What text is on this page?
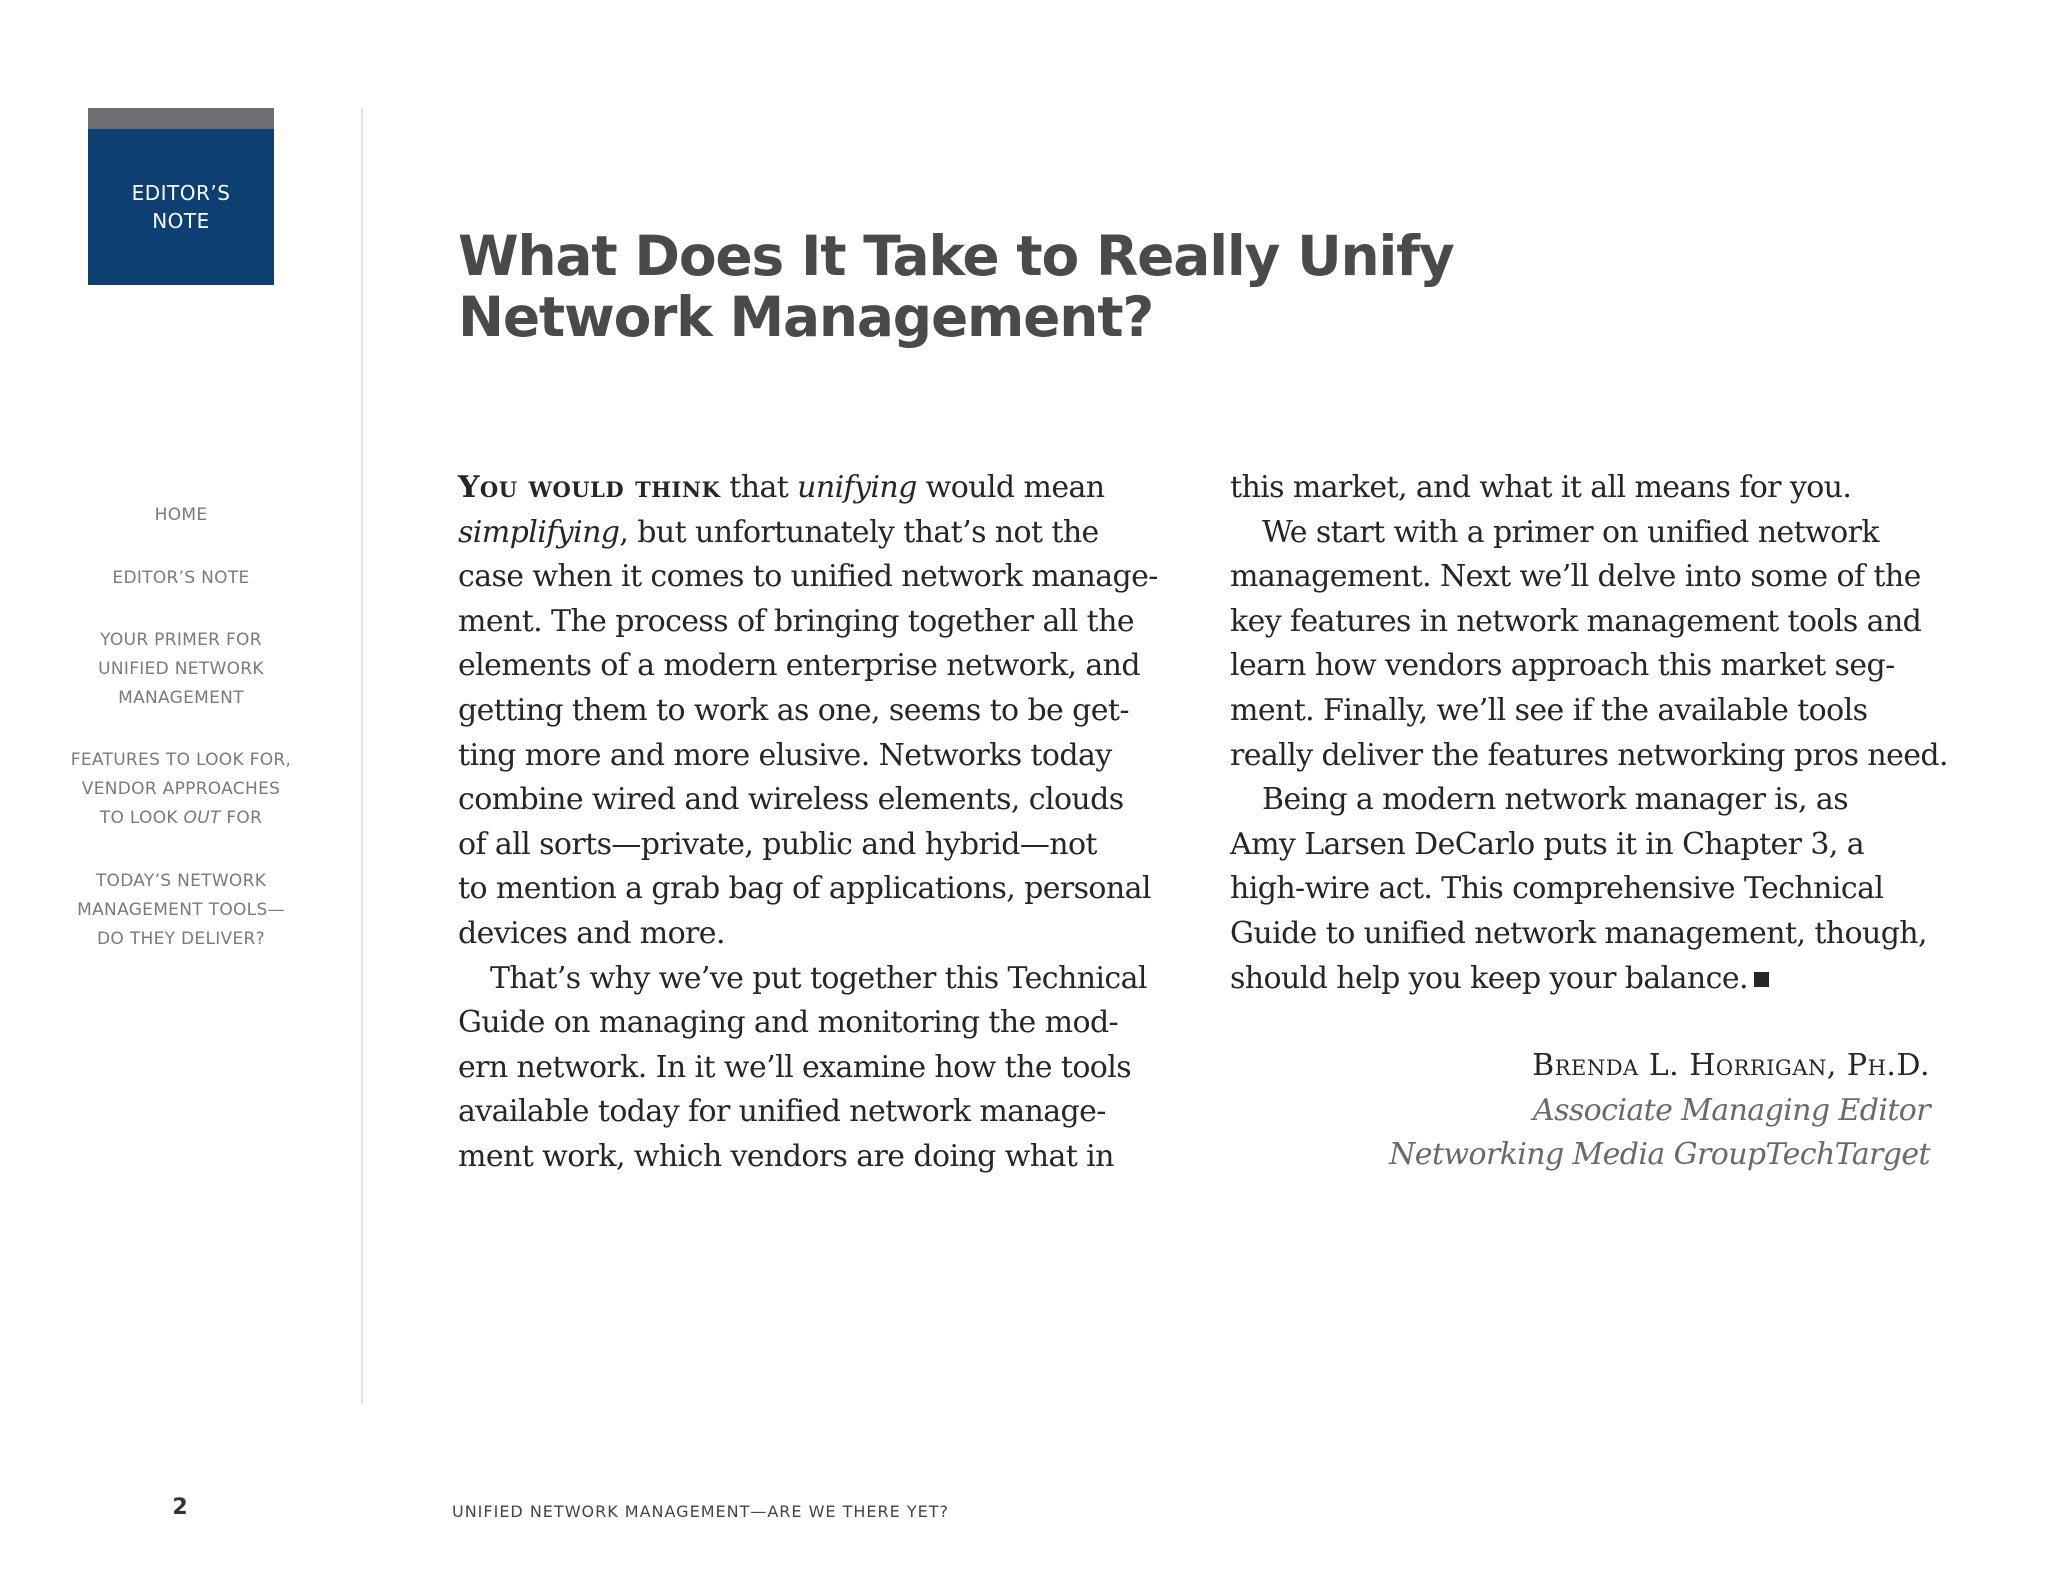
EDITOR’S
NOTE
HOME
EDITOR’S NOTE
YOUR PRIMER FOR
UNIFIED NETWORK
MANAGEMENT
FEATURES TO LOOK FOR,
VENDOR APPROACHES
TO LOOK OUT FOR
TODAY’S NETWORK
MANAGEMENT TOOLS—
DO THEY DELIVER?
2
What Does It Take to Really Unify
Network Management?
You would think that unifying would mean
simplifying, but unfortunately that’s not the
case when it comes to unified network manage-
ment. The process of bringing together all the
elements of a modern enterprise network, and
getting them to work as one, seems to be get-
ting more and more elusive. Networks today
combine wired and wireless elements, clouds
of all sorts—private, public and hybrid—not
to mention a grab bag of applications, personal
devices and more.
That’s why we’ve put together this Technical
Guide on managing and monitoring the mod-
ern network. In it we’ll examine how the tools
available today for unified network manage-
ment work, which vendors are doing what in
this market, and what it all means for you.
We start with a primer on unified network
management. Next we’ll delve into some of the
key features in network management tools and
learn how vendors approach this market seg-
ment. Finally, we’ll see if the available tools
really deliver the features networking pros need.
Being a modern network manager is, as
Amy Larsen DeCarlo puts it in Chapter 3, a
high-wire act. This comprehensive Technical
Guide to unified network management, though,
should help you keep your balance.
Brenda L. Horrigan, Ph.D.
Associate Managing Editor
Networking Media GroupTechTarget
UNIFIED NETWORK MANAGEMENT—ARE WE THERE YET?
